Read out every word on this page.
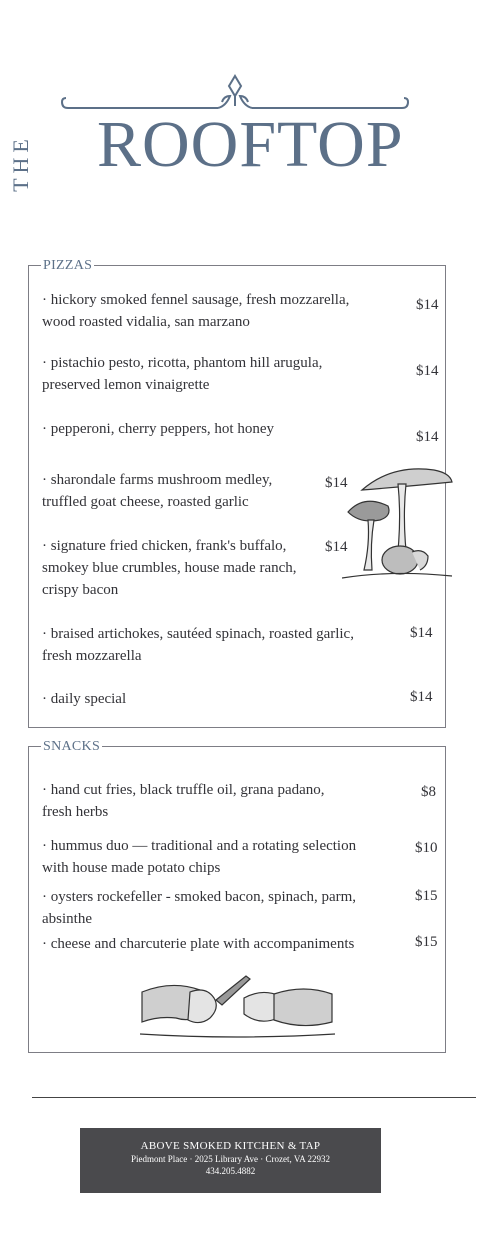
THE ROOFTOP
PIZZAS
· hickory smoked fennel sausage, fresh mozzarella,
wood roasted vidalia, san marzano
$14
· pistachio pesto, ricotta, phantom hill arugula,
preserved lemon vinaigrette
$14
· pepperoni, cherry peppers, hot honey	$14
· sharondale farms mushroom medley,
truffled goat cheese, roasted garlic
$14
· signature fried chicken, frank's buffalo,
smokey blue crumbles, house made ranch,
crispy bacon
$14
· braised artichokes, sautéed spinach, roasted garlic,
fresh mozzarella
$14
· daily special	$14
SNACKS
· hand cut fries, black truffle oil, grana padano,
fresh herbs
$8
· hummus duo — traditional and a rotating selection
with house made potato chips
$10
· oysters rockefeller - smoked bacon, spinach, parm,
absinthe
$15
· cheese and charcuterie plate with accompaniments	$15
ABOVE SMOKED KITCHEN & TAP
Piedmont Place · 2025 Library Ave · Crozet, VA 22932
434.205.4882
